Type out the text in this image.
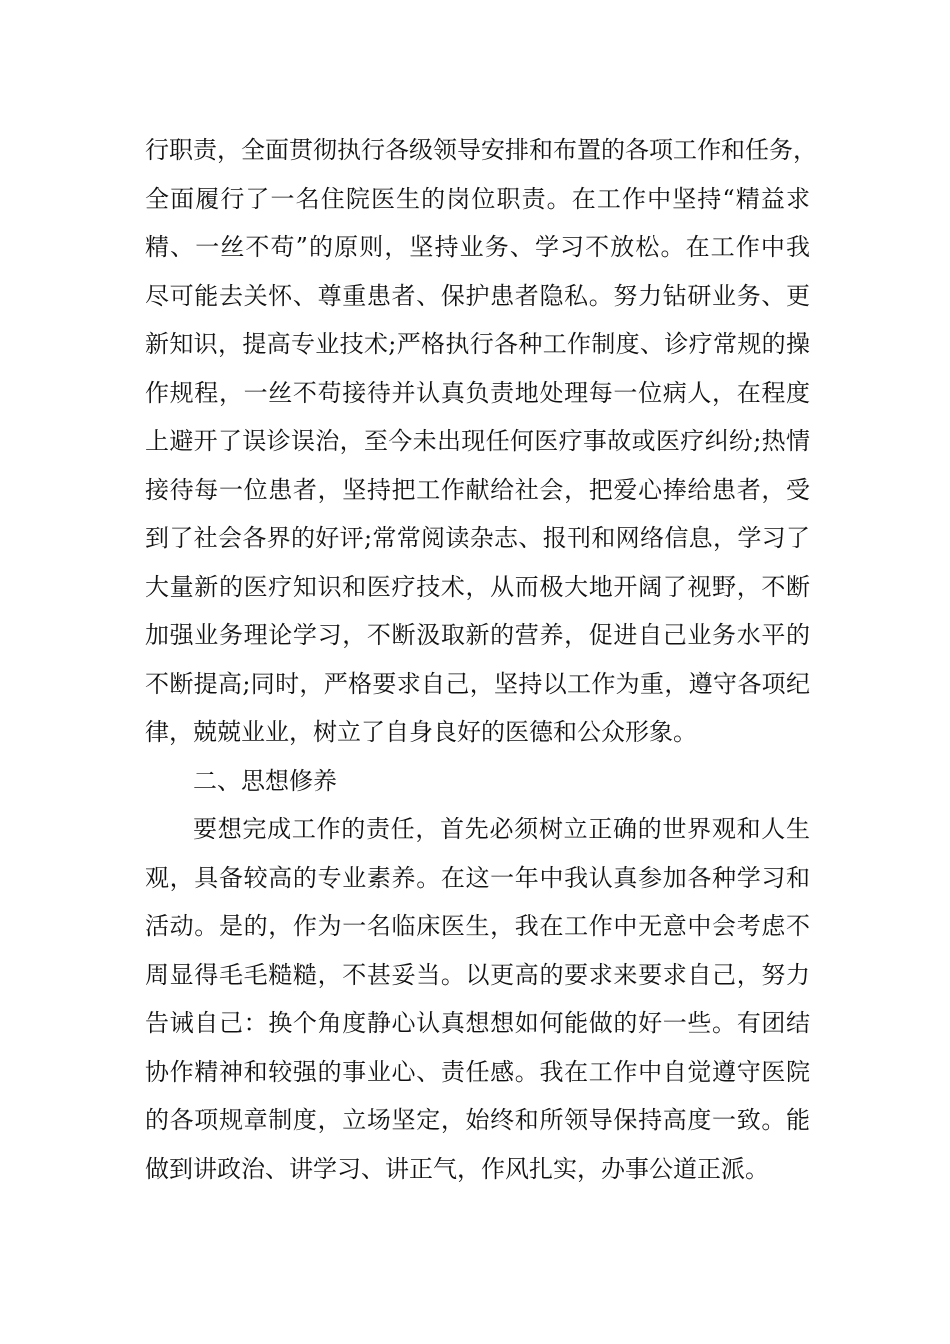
行职责，全面贯彻执行各级领导安排和布置的各项工作和任务，
全面履行了一名住院医生的岗位职责。在工作中坚持“精益求
精、一丝不苟”的原则，坚持业务、学习不放松。在工作中我
尽可能去关怀、尊重患者、保护患者隐私。努力钻研业务、更
新知识，提高专业技术;严格执行各种工作制度、诊疗常规的操
作规程，一丝不苟接待并认真负责地处理每一位病人，在程度
上避开了误诊误治，至今未出现任何医疗事故或医疗纠纷;热情
接待每一位患者，坚持把工作献给社会，把爱心捧给患者，受
到了社会各界的好评;常常阅读杂志、报刊和网络信息，学习了
大量新的医疗知识和医疗技术，从而极大地开阔了视野，不断
加强业务理论学习，不断汲取新的营养，促进自己业务水平的
不断提高;同时，严格要求自己，坚持以工作为重，遵守各项纪
律，兢兢业业，树立了自身良好的医德和公众形象。
二、思想修养
要想完成工作的责任，首先必须树立正确的世界观和人生
观，具备较高的专业素养。在这一年中我认真参加各种学习和
活动。是的，作为一名临床医生，我在工作中无意中会考虑不
周显得毛毛糙糙，不甚妥当。以更高的要求来要求自己，努力
告诫自己：换个角度静心认真想想如何能做的好一些。有团结
协作精神和较强的事业心、责任感。我在工作中自觉遵守医院
的各项规章制度，立场坚定，始终和所领导保持高度一致。能
做到讲政治、讲学习、讲正气，作风扎实，办事公道正派。
